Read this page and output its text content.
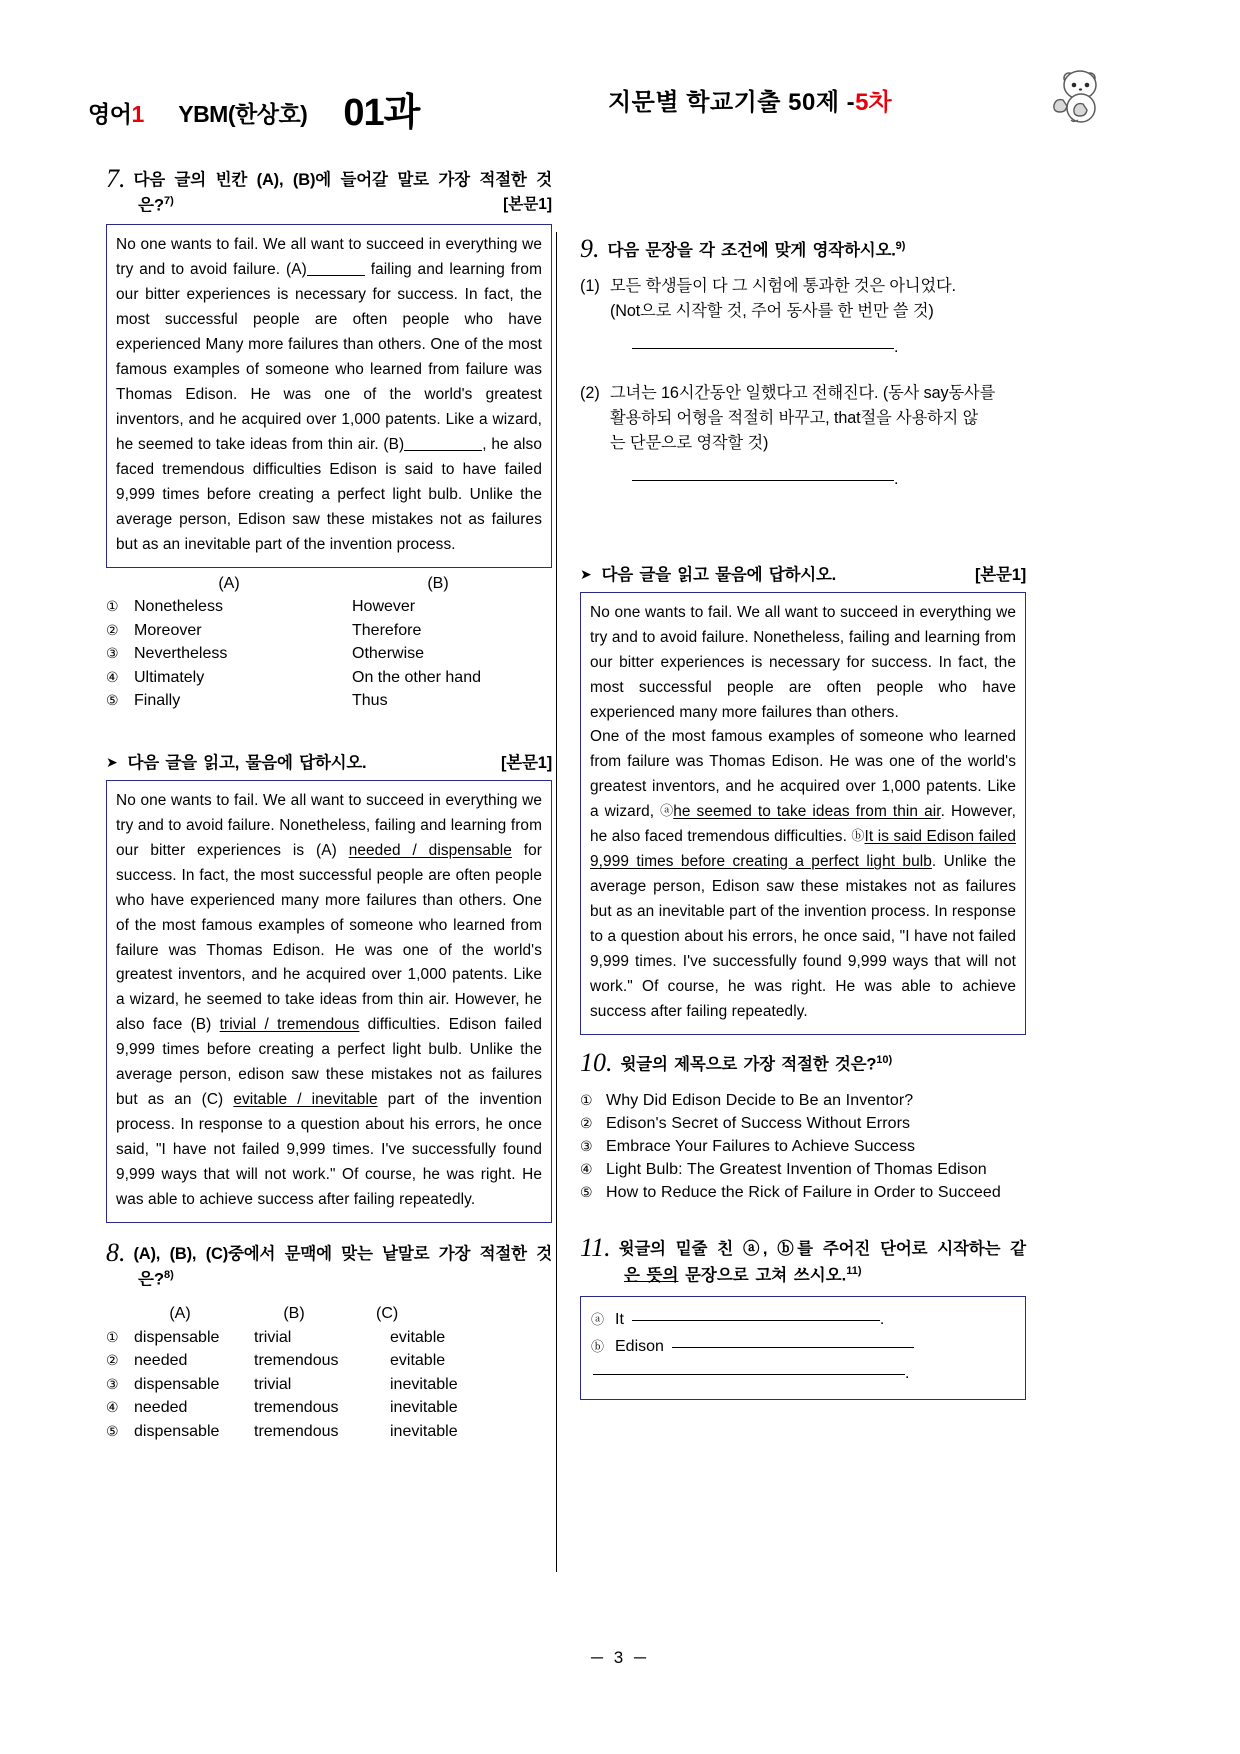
영어 1 YBM(한상호) 01과	지문별 학교기출 50제 - 5차
7. 다음 글의 빈칸 (A), (B)에 들어갈 말로 가장 적절한 것
은?$^{7)}$	[본문1]

No one wants to fail. We all want to succeed in everything we try and to avoid failure. (A)	failing and learning from our bitter experiences is necessary for success. In fact, the most successful people are often people who have experienced Many more failures than others. One of the most famous examples of someone who learned from failure was Thomas Edison. He was one of the world's greatest inventors, and he acquired over 1,000 patents. Like a wizard, he seemed to take ideas from thin air. (B)	, he also faced tremendous difficulties Edison is said to have failed 9,999 times before creating a perfect light bulb. Unlike the average person, Edison saw these mistakes not as failures but as an inevitable part of the invention process.

(A)	(B)
① Nonetheless	However
② Moreover	Therefore
③ Nevertheless	Otherwise
④ Ultimately	On the other hand
⑤ Finally	Thus
➤ 다음 글을 읽고, 물음에 답하시오.	[본문1]

No one wants to fail. We all want to succeed in everything we try and to avoid failure. Nonetheless, failing and learning from our bitter experiences is (A) needed / dispensable for success. In fact, the most successful people are often people who have experienced many more failures than others. One of the most famous examples of someone who learned from failure was Thomas Edison. He was one of the world's greatest inventors, and he acquired over 1,000 patents. Like a wizard, he seemed to take ideas from thin air. However, he also face (B) trivial / tremendous difficulties. Edison failed 9,999 times before creating a perfect light bulb. Unlike the average person, edison saw these mistakes not as failures but as an (C) evitable / inevitable part of the invention process. In response to a question about his errors, he once said, "I have not failed 9,999 times. I've successfully found 9,999 ways that will not work." Of course, he was right. He was able to achieve success after failing repeatedly.

8. (A), (B), (C)중에서 문맥에 맞는 낱말로 가장 적절한 것
은?$^{8)}$
(A)	(B)	(C)
① dispensable	trivial	evitable
② needed	tremendous	evitable
③ dispensable	trivial	inevitable
④ needed	tremendous	inevitable
⑤ dispensable	tremendous	inevitable
9. 다음 문장을 각 조건에 맞게 영작하시오.$^{9)}$
(1) 모든 학생들이 다 그 시험에 통과한 것은 아니었다.
(Not으로 시작할 것, 주어 동사를 한 번만 쓸 것)
.
(2) 그녀는 16시간동안 일했다고 전해진다. (동사 say동사를
활용하되 어형을 적절히 바꾸고, that절을 사용하지 않
는 단문으로 영작할 것)
.
➤ 다음 글을 읽고 물음에 답하시오.	[본문1]

No one wants to fail. We all want to succeed in everything we try and to avoid failure. Nonetheless, failing and learning from our bitter experiences is necessary for success. In fact, the most successful people are often people who have experienced many more failures than others.

One of the most famous examples of someone who learned from failure was Thomas Edison. He was one of the world's greatest inventors, and he acquired over 1,000 patents. Like a wizard, ⓐhe seemed to take ideas from thin air. However, he also faced tremendous difficulties. ⓑIt is said Edison failed 9,999 times before creating a perfect light bulb. Unlike the average person, Edison saw these mistakes not as failures but as an inevitable part of the invention process. In response to a question about his errors, he once said, "I have not failed 9,999 times. I've successfully found 9,999 ways that will not work." Of course, he was right. He was able to achieve success after failing repeatedly.

10. 윗글의 제목으로 가장 적절한 것은?$^{10)}$
① Why Did Edison Decide to Be an Inventor?
② Edison's Secret of Success Without Errors
③ Embrace Your Failures to Achieve Success
④ Light Bulb: The Greatest Invention of Thomas Edison
⑤ How to Reduce the Rick of Failure in Order to Succeed
11. 윗글의 밑줄 친 ⓐ, ⓑ를 주어진 단어로 시작하는 같
은 뜻의 문장으로 고쳐 쓰시오.$^{11)}$
ⓐ It	.
ⓑ Edison
.
─ 3 ─
